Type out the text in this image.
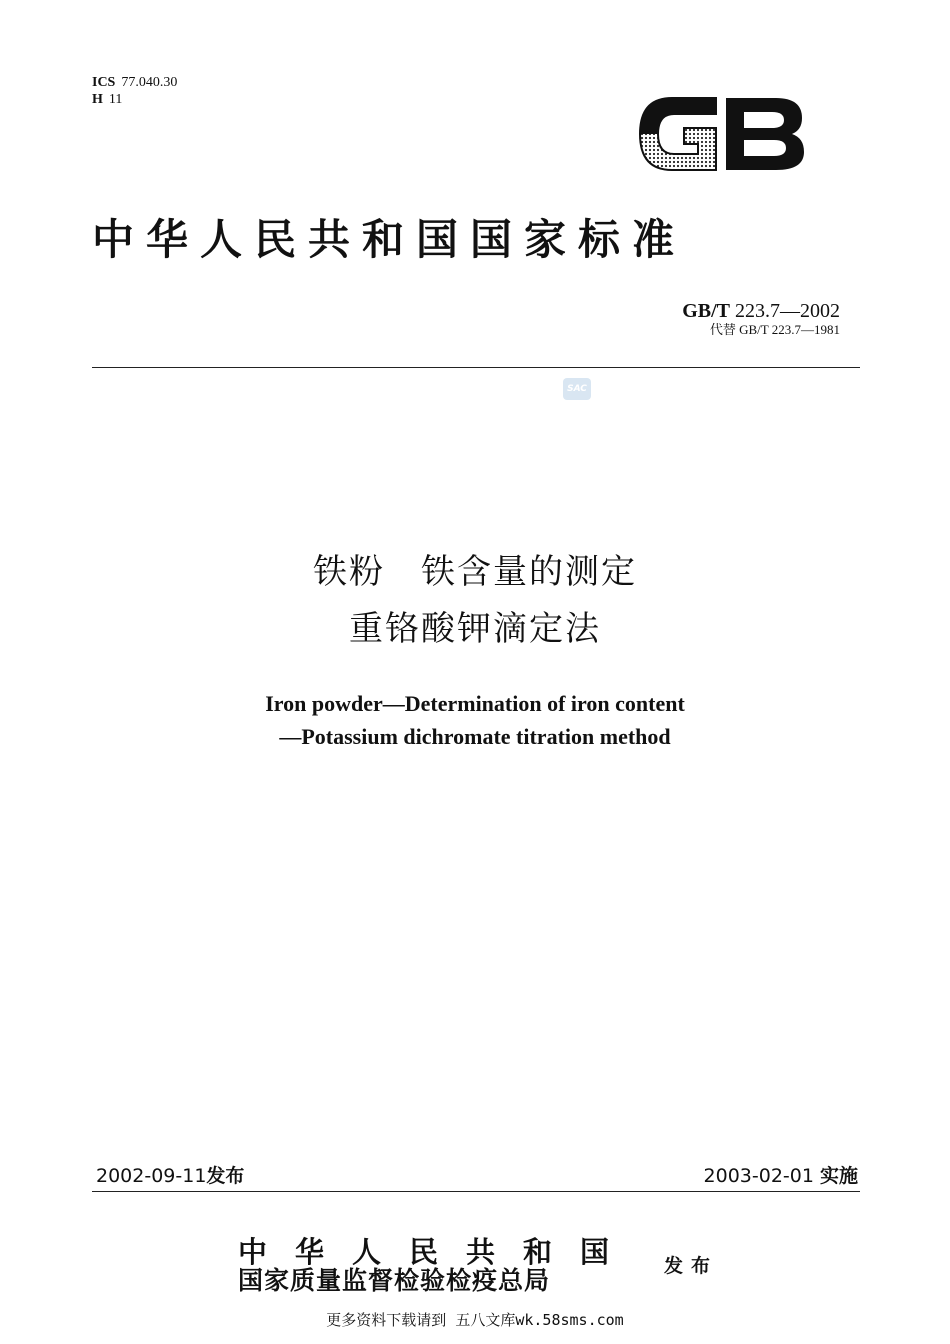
ICS 77.040.30
H 11
GB
中华人民共和国国家标准
GB/T 223.7—2002
代替 GB/T 223.7—1981
SAC
铁粉　铁含量的测定
重铬酸钾滴定法
Iron powder—Determination of iron content
—Potassium dichromate titration method
2002-09-11发布	2003-02-01 实施
中华人民共和国
国家质量监督检验检疫总局	发布
更多资料下载请到 五八文库wk.58sms.com
